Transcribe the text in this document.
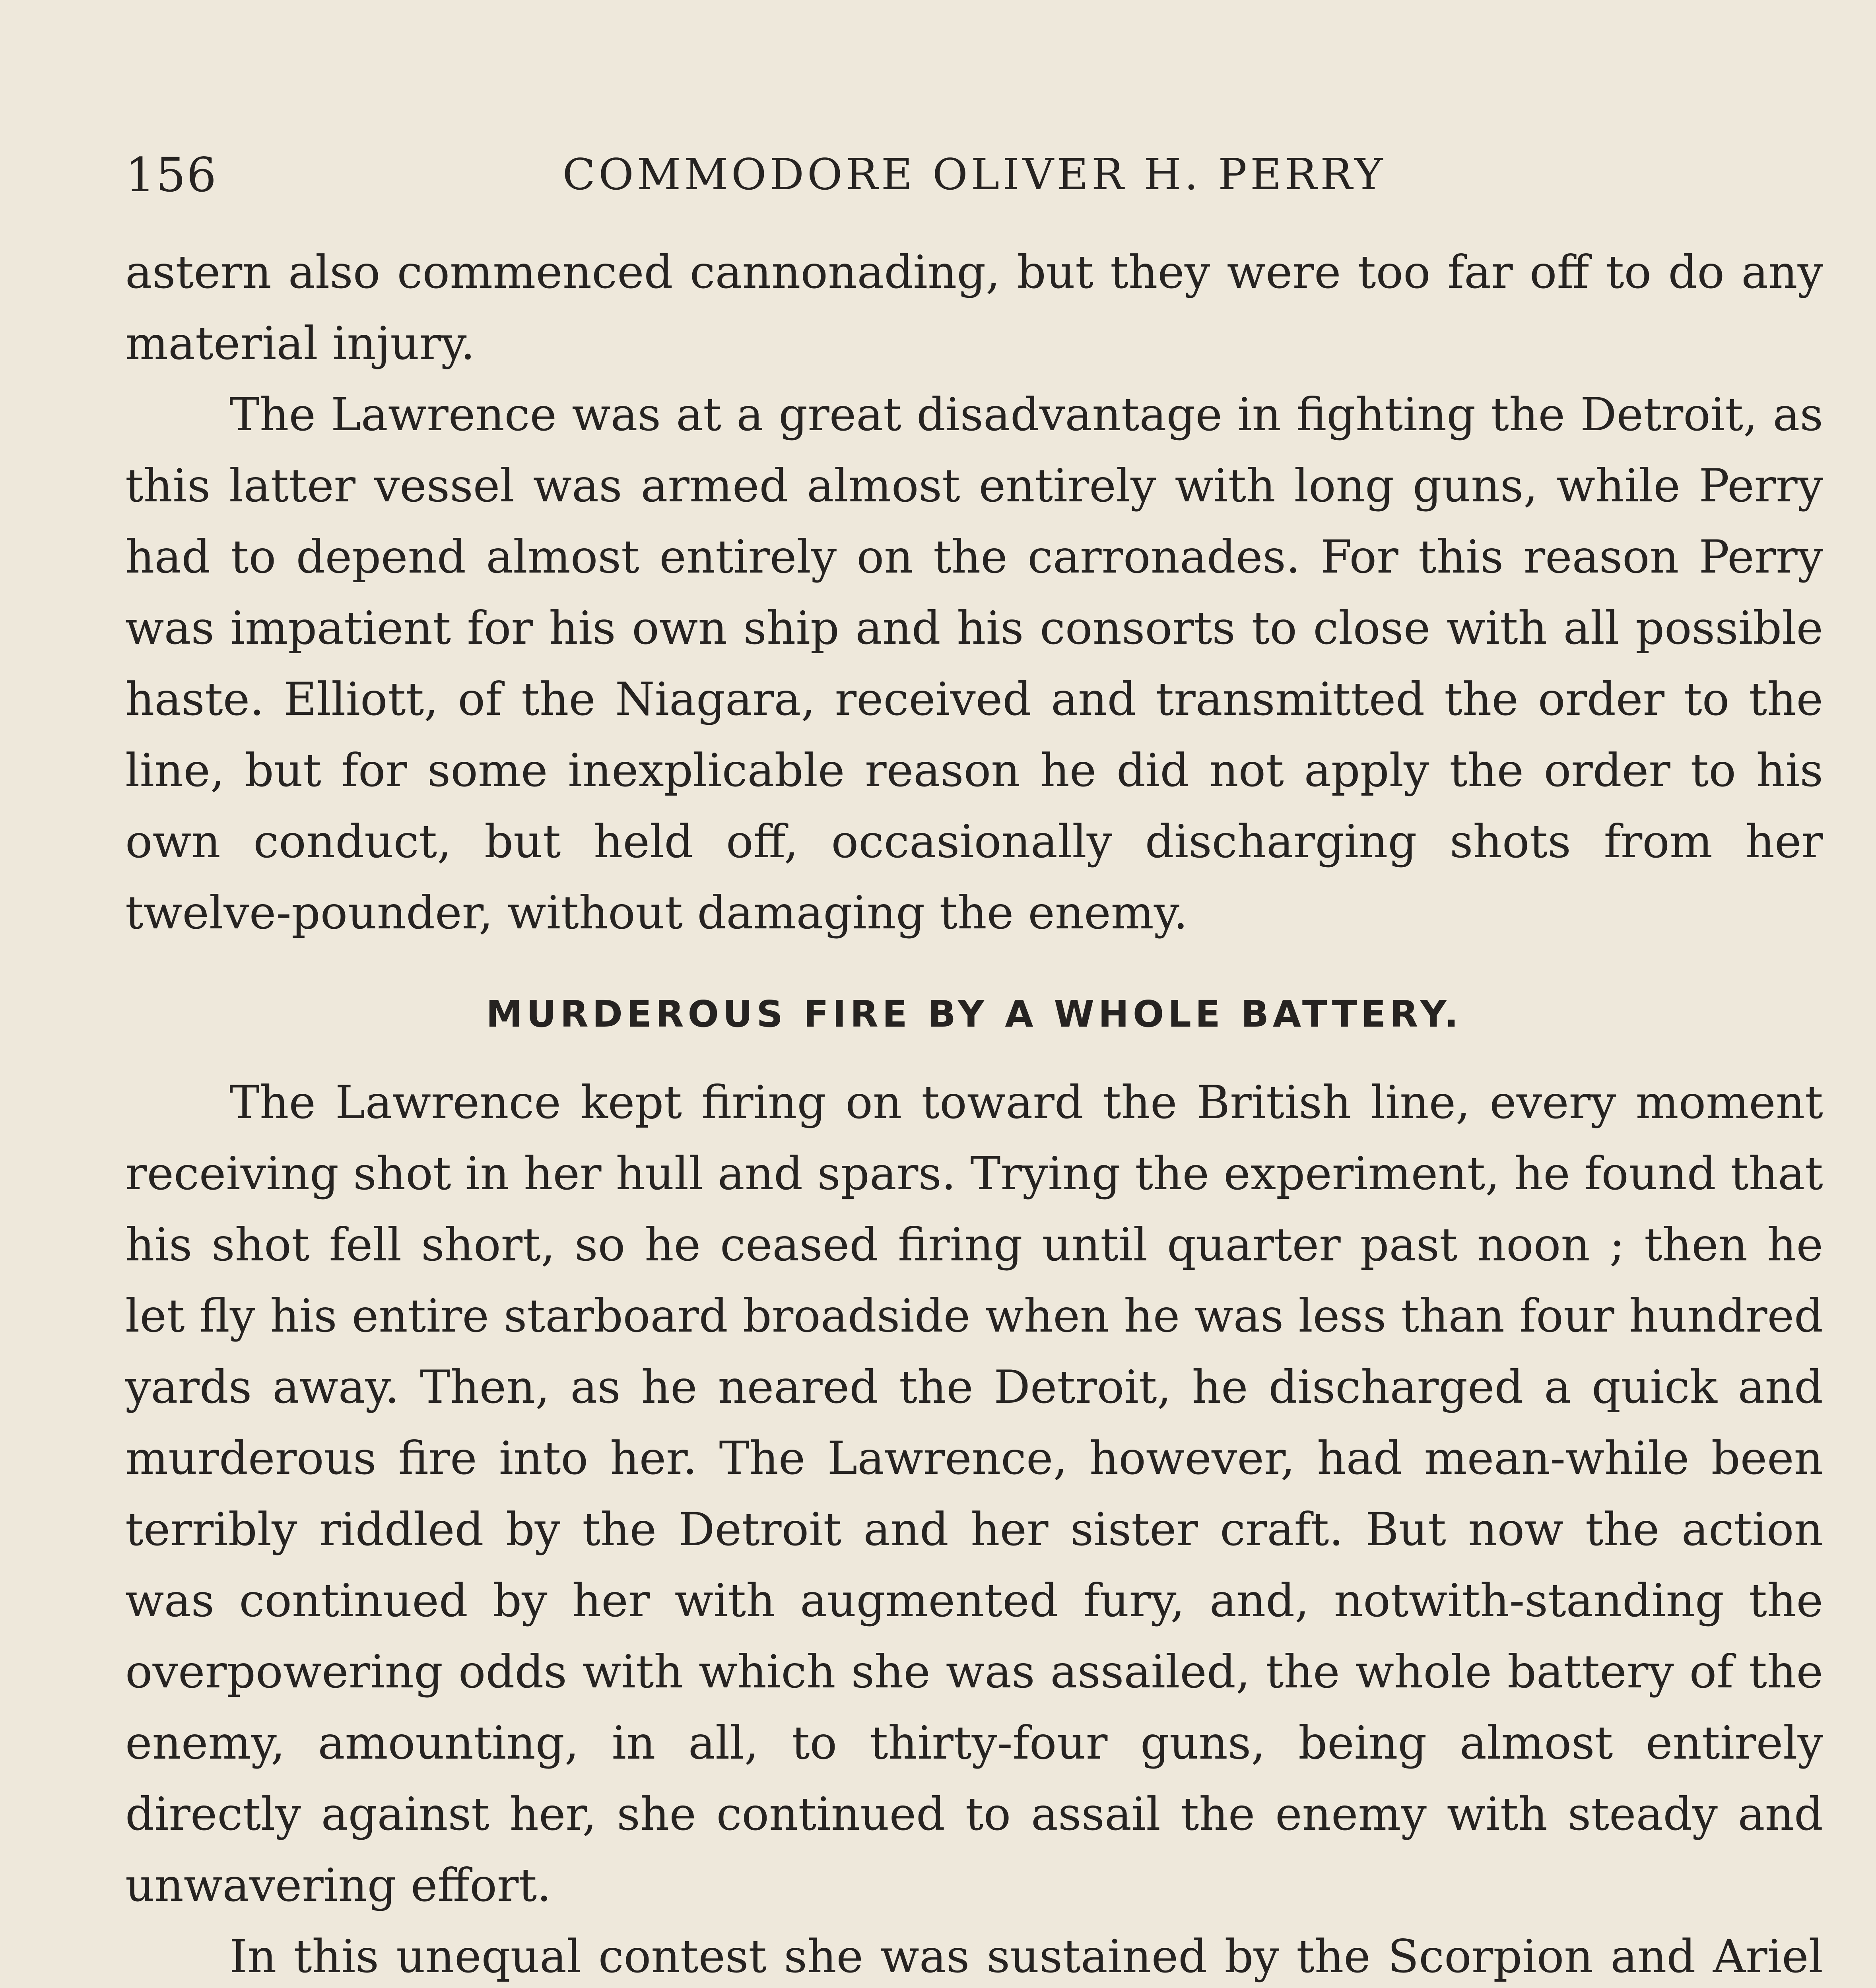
156	COMMODORE OLIVER H. PERRY

astern also commenced cannonading, but they were too far off to do any material injury.

The Lawrence was at a great disadvantage in fighting the Detroit, as this latter vessel was armed almost entirely with long guns, while Perry had to depend almost entirely on the carronades. For this reason Perry was impatient for his own ship and his consorts to close with all possible haste. Elliott, of the Niagara, received and transmitted the order to the line, but for some inexplicable reason he did not apply the order to his own conduct, but held off, occasionally discharging shots from her twelve-pounder, without damaging the enemy.

MURDEROUS FIRE BY A WHOLE BATTERY.

The Lawrence kept firing on toward the British line, every moment receiving shot in her hull and spars. Trying the experiment, he found that his shot fell short, so he ceased firing until quarter past noon ; then he let fly his entire starboard broadside when he was less than four hundred yards away. Then, as he neared the Detroit, he discharged a quick and murderous fire into her. The Lawrence, however, had mean-while been terribly riddled by the Detroit and her sister craft. But now the action was continued by her with augmented fury, and, notwith-standing the overpowering odds with which she was assailed, the whole battery of the enemy, amounting, in all, to thirty-four guns, being almost entirely directly against her, she continued to assail the enemy with steady and unwavering effort.

In this unequal contest she was sustained by the Scorpion and Ariel
